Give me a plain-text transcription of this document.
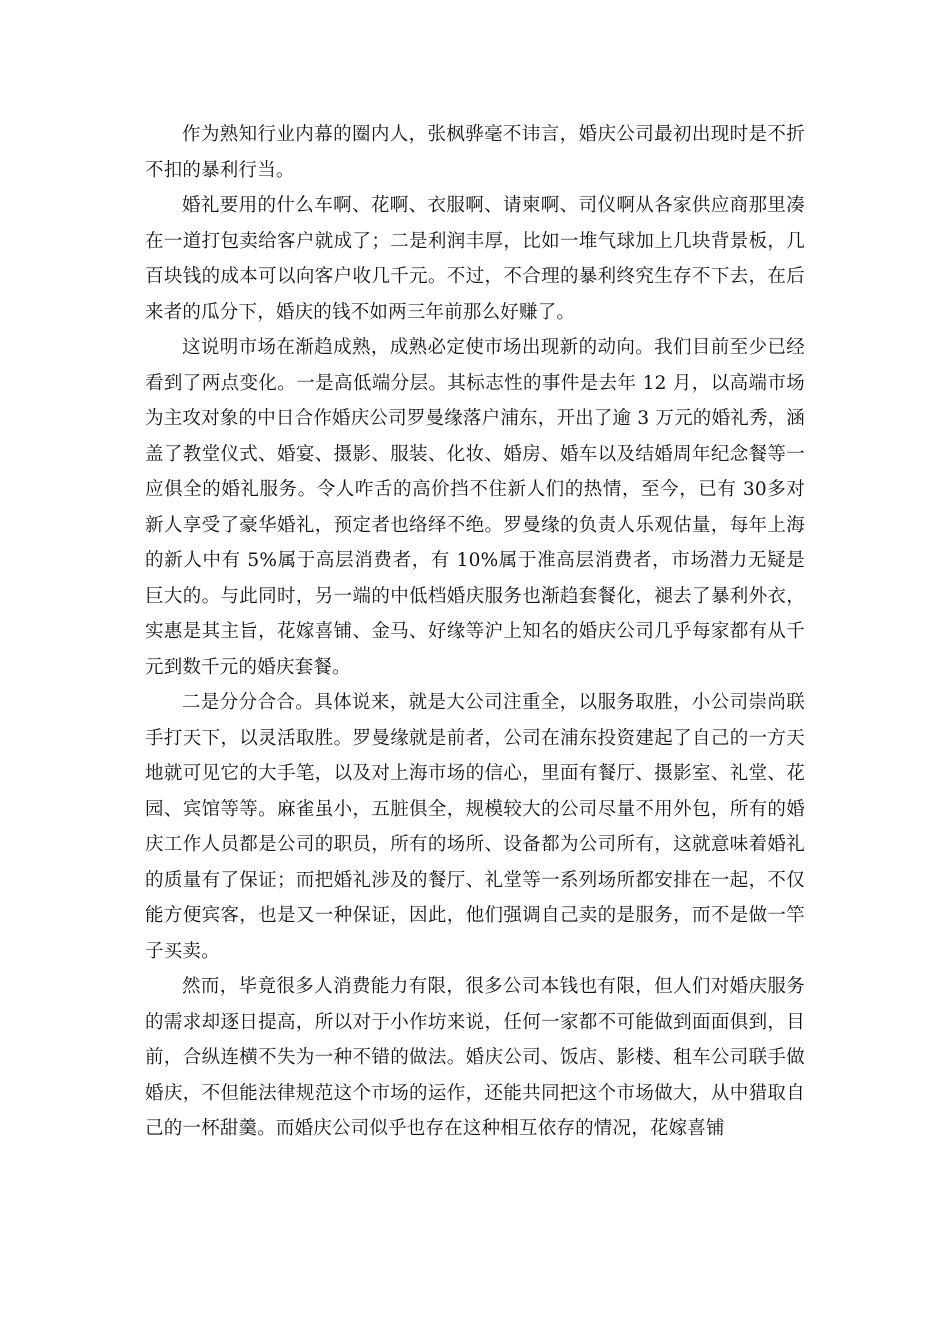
作为熟知行业内幕的圈内人，张枫骅毫不讳言，婚庆公司最初出现时是不折不扣的暴利行当。

婚礼要用的什么车啊、花啊、衣服啊、请柬啊、司仪啊从各家供应商那里凑在一道打包卖给客户就成了；二是利润丰厚，比如一堆气球加上几块背景板，几百块钱的成本可以向客户收几千元。不过，不合理的暴利终究生存不下去，在后来者的瓜分下，婚庆的钱不如两三年前那么好赚了。

这说明市场在渐趋成熟，成熟必定使市场出现新的动向。我们目前至少已经看到了两点变化。一是高低端分层。其标志性的事件是去年 12 月，以高端市场为主攻对象的中日合作婚庆公司罗曼缘落户浦东，开出了逾 3 万元的婚礼秀，涵盖了教堂仪式、婚宴、摄影、服装、化妆、婚房、婚车以及结婚周年纪念餐等一应俱全的婚礼服务。令人咋舌的高价挡不住新人们的热情，至今，已有 30多对新人享受了豪华婚礼，预定者也络绎不绝。罗曼缘的负责人乐观估量，每年上海的新人中有 5%属于高层消费者，有 10%属于准高层消费者，市场潜力无疑是巨大的。与此同时，另一端的中低档婚庆服务也渐趋套餐化，褪去了暴利外衣，实惠是其主旨，花嫁喜铺、金马、好缘等沪上知名的婚庆公司几乎每家都有从千元到数千元的婚庆套餐。

二是分分合合。具体说来，就是大公司注重全，以服务取胜，小公司崇尚联手打天下，以灵活取胜。罗曼缘就是前者，公司在浦东投资建起了自己的一方天地就可见它的大手笔，以及对上海市场的信心，里面有餐厅、摄影室、礼堂、花园、宾馆等等。麻雀虽小，五脏俱全，规模较大的公司尽量不用外包，所有的婚庆工作人员都是公司的职员，所有的场所、设备都为公司所有，这就意味着婚礼的质量有了保证；而把婚礼涉及的餐厅、礼堂等一系列场所都安排在一起，不仅能方便宾客，也是又一种保证，因此，他们强调自己卖的是服务，而不是做一竿子买卖。

然而，毕竟很多人消费能力有限，很多公司本钱也有限，但人们对婚庆服务的需求却逐日提高，所以对于小作坊来说，任何一家都不可能做到面面俱到，目前，合纵连横不失为一种不错的做法。婚庆公司、饭店、影楼、租车公司联手做婚庆，不但能法律规范这个市场的运作，还能共同把这个市场做大，从中猎取自己的一杯甜羹。而婚庆公司似乎也存在这种相互依存的情况，花嫁喜铺
